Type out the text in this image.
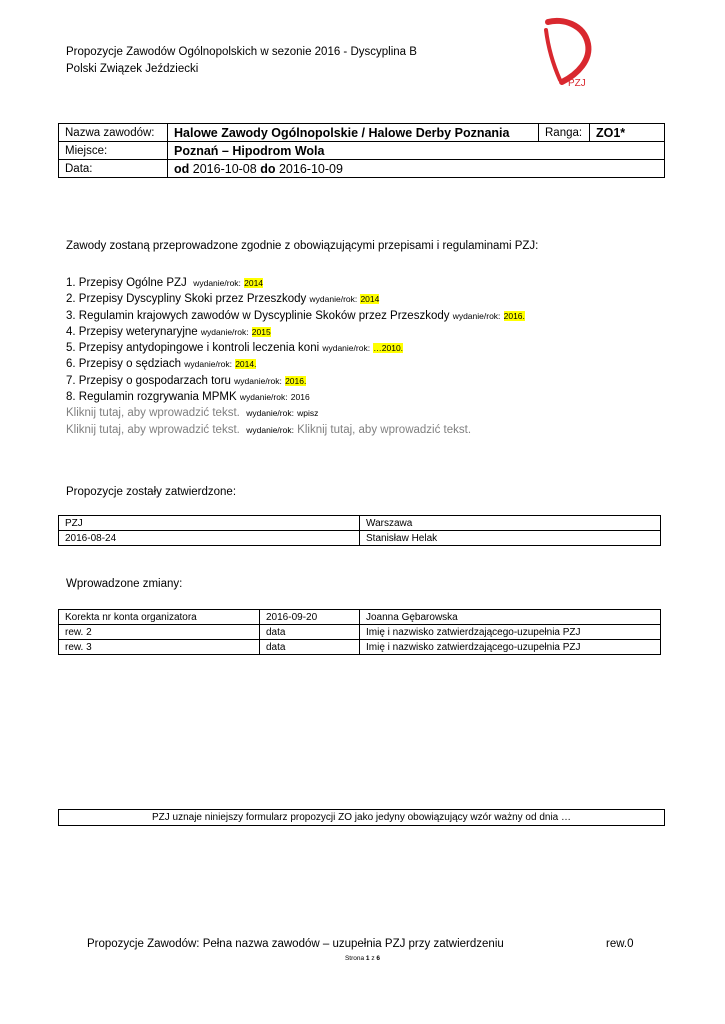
Propozycje Zawodów Ogólnopolskich w sezonie 2016 - Dyscyplina B
Polski Związek Jeździecki
PZJ
Nazwa zawodów:	Halowe Zawody Ogólnopolskie / Halowe Derby Poznania	Ranga:	ZO1*
Miejsce:	Poznań – Hipodrom Wola		
Data:	od 2016-10-08 do 2016-10-09		
Zawody zostaną przeprowadzone zgodnie z obowiązującymi przepisami i regulaminami PZJ:
1. Przepisy Ogólne PZJ wydanie/rok: 2014
2. Przepisy Dyscypliny Skoki przez Przeszkody wydanie/rok: 2014
3. Regulamin krajowych zawodów w Dyscyplinie Skoków przez Przeszkody wydanie/rok: 2016.
4. Przepisy weterynaryjne wydanie/rok: 2015
5. Przepisy antydopingowe i kontroli leczenia koni wydanie/rok: …2010.
6. Przepisy o sędziach wydanie/rok: 2014.
7. Przepisy o gospodarzach toru wydanie/rok: 2016.
8. Regulamin rozgrywania MPMK wydanie/rok: 2016
Kliknij tutaj, aby wprowadzić tekst. wydanie/rok: wpisz
Kliknij tutaj, aby wprowadzić tekst. wydanie/rok: Kliknij tutaj, aby wprowadzić tekst.
Propozycje zostały zatwierdzone:
PZJ	Warszawa
2016-08-24	Stanisław Helak
Wprowadzone zmiany:
Korekta nr konta organizatora	2016-09-20	Joanna Gębarowska
rew. 2	data	Imię i nazwisko zatwierdzającego-uzupełnia PZJ
rew. 3	data	Imię i nazwisko zatwierdzającego-uzupełnia PZJ
PZJ uznaje niniejszy formularz propozycji ZO jako jedyny obowiązujący wzór ważny od dnia …
Propozycje Zawodów: Pełna nazwa zawodów – uzupełnia PZJ przy zatwierdzeniu	rew.0
Strona 1 z 6
